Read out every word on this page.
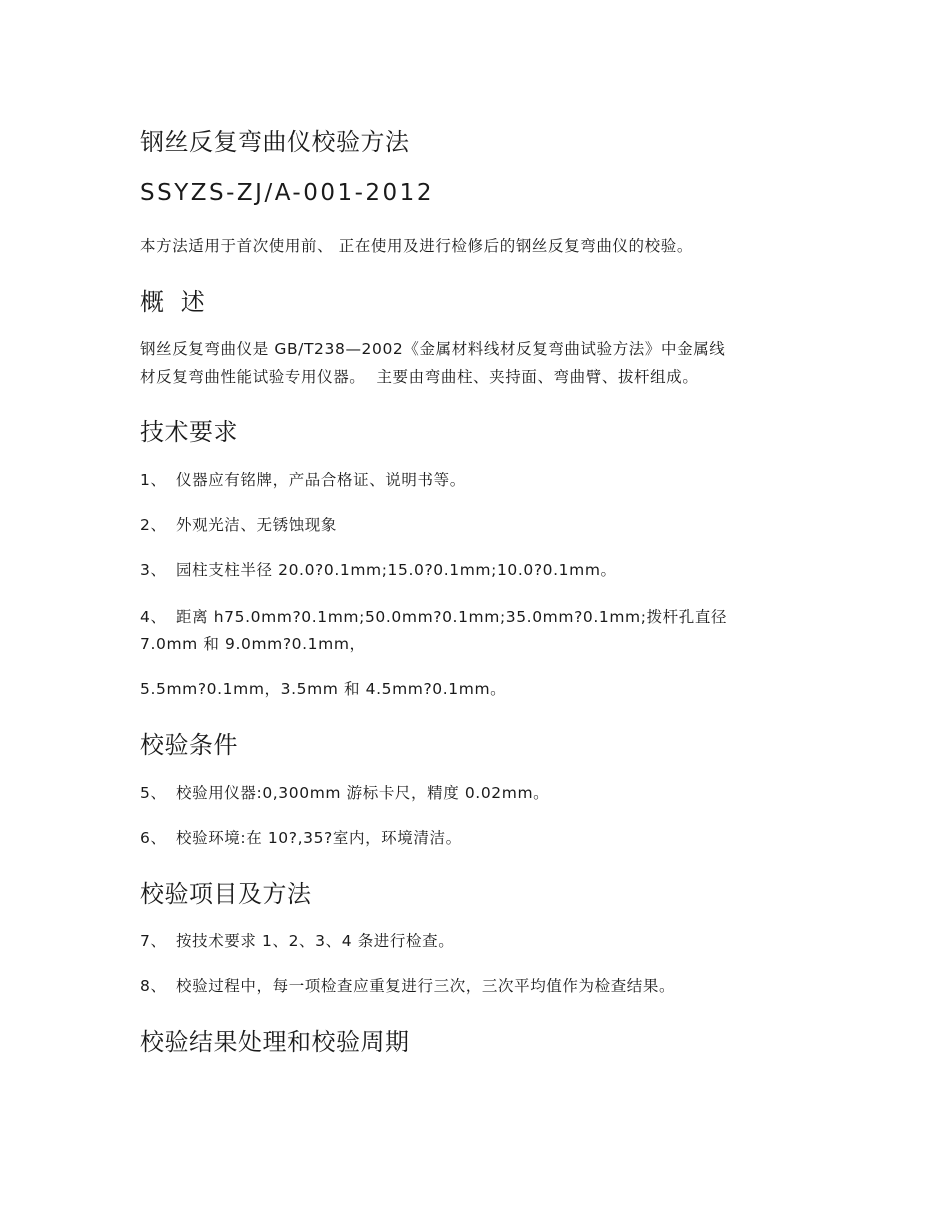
钢丝反复弯曲仪校验方法
SSYZS-ZJ/A-001-2012

本方法适用于首次使用前、 正在使用及进行检修后的钢丝反复弯曲仪的校验。

概  述

钢丝反复弯曲仪是 GB/T238—2002《金属材料线材反复弯曲试验方法》中金属线

材反复弯曲性能试验专用仪器。  主要由弯曲柱、夹持面、弯曲臂、拔杆组成。

技术要求

1、 仪器应有铭牌，产品合格证、说明书等。

2、 外观光洁、无锈蚀现象

3、 园柱支柱半径 20.0?0.1mm;15.0?0.1mm;10.0?0.1mm。

4、 距离 h75.0mm?0.1mm;50.0mm?0.1mm;35.0mm?0.1mm;拨杆孔直径

7.0mm 和 9.0mm?0.1mm，

5.5mm?0.1mm，3.5mm 和 4.5mm?0.1mm。

校验条件

5、 校验用仪器:0,300mm 游标卡尺，精度 0.02mm。

6、 校验环境:在 10?,35?室内，环境清洁。

校验项目及方法

7、 按技术要求 1、2、3、4 条进行检查。

8、 校验过程中，每一项检查应重复进行三次，三次平均值作为检查结果。

校验结果处理和校验周期
